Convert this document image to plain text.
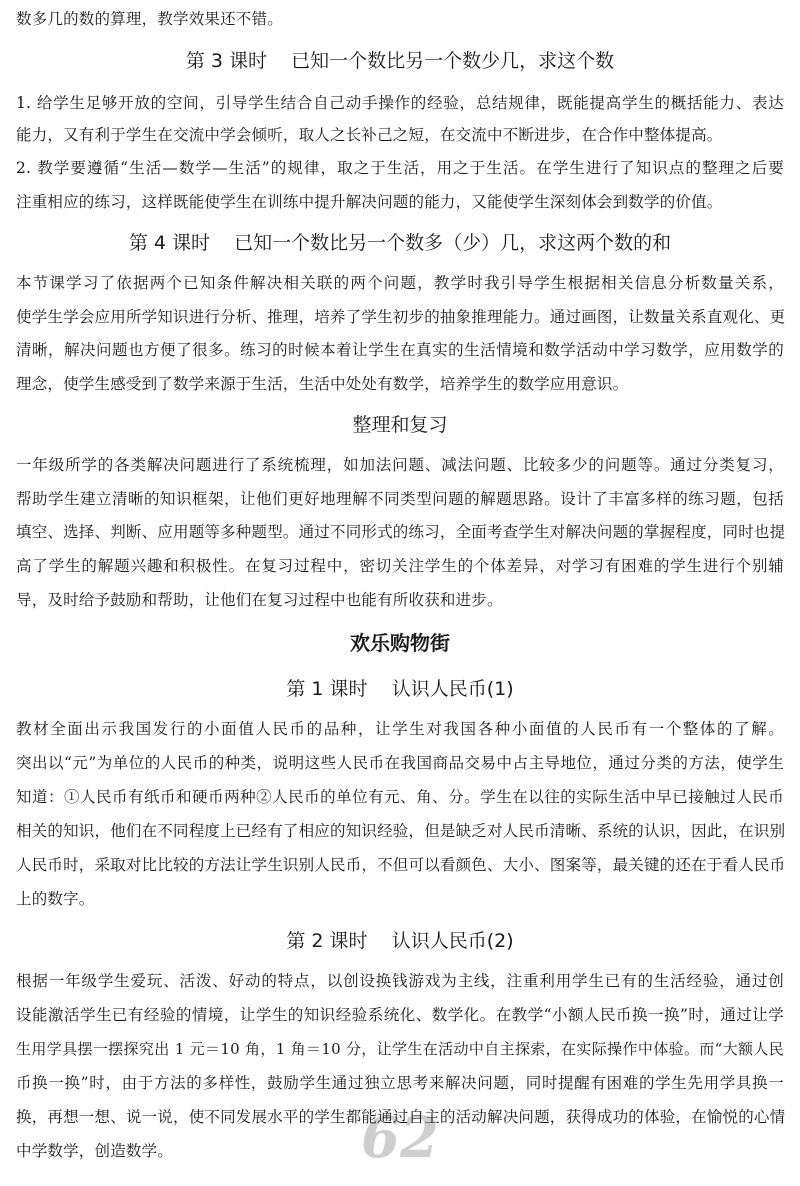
数多几的数的算理，教学效果还不错。
第 3 课时    已知一个数比另一个数少几，求这个数
1. 给学生足够开放的空间，引导学生结合自己动手操作的经验，总结规律，既能提高学生的概括能力、表达
能力，又有利于学生在交流中学会倾听，取人之长补己之短，在交流中不断进步，在合作中整体提高。
2. 教学要遵循“生活—数学—生活”的规律，取之于生活，用之于生活。在学生进行了知识点的整理之后要
注重相应的练习，这样既能使学生在训练中提升解决问题的能力，又能使学生深刻体会到数学的价值。
第 4 课时    已知一个数比另一个数多（少）几，求这两个数的和
本节课学习了依据两个已知条件解决相关联的两个问题，教学时我引导学生根据相关信息分析数量关系，
使学生学会应用所学知识进行分析、推理，培养了学生初步的抽象推理能力。通过画图，让数量关系直观化、更
清晰，解决问题也方便了很多。练习的时候本着让学生在真实的生活情境和数学活动中学习数学，应用数学的
理念，使学生感受到了数学来源于生活，生活中处处有数学，培养学生的数学应用意识。
整理和复习
一年级所学的各类解决问题进行了系统梳理，如加法问题、减法问题、比较多少的问题等。通过分类复习，
帮助学生建立清晰的知识框架，让他们更好地理解不同类型问题的解题思路。设计了丰富多样的练习题，包括
填空、选择、判断、应用题等多种题型。通过不同形式的练习，全面考查学生对解决问题的掌握程度，同时也提
高了学生的解题兴趣和积极性。在复习过程中，密切关注学生的个体差异，对学习有困难的学生进行个别辅
导，及时给予鼓励和帮助，让他们在复习过程中也能有所收获和进步。
欢乐购物街
第 1 课时    认识人民币(1)
教材全面出示我国发行的小面值人民币的品种，让学生对我国各种小面值的人民币有一个整体的了解。
突出以“元”为单位的人民币的种类，说明这些人民币在我国商品交易中占主导地位，通过分类的方法，使学生
知道：①人民币有纸币和硬币两种②人民币的单位有元、角、分。学生在以往的实际生活中早已接触过人民币
相关的知识，他们在不同程度上已经有了相应的知识经验，但是缺乏对人民币清晰、系统的认识，因此，在识别
人民币时，采取对比比较的方法让学生识别人民币，不但可以看颜色、大小、图案等，最关键的还在于看人民币
上的数字。
第 2 课时    认识人民币(2)
根据一年级学生爱玩、活泼、好动的特点，以创设换钱游戏为主线，注重利用学生已有的生活经验，通过创
设能激活学生已有经验的情境，让学生的知识经验系统化、数学化。在教学“小额人民币换一换”时，通过让学
生用学具摆一摆探究出 1 元＝10 角，1 角＝10 分，让学生在活动中自主探索，在实际操作中体验。而“大额人民
币换一换”时，由于方法的多样性，鼓励学生通过独立思考来解决问题，同时提醒有困难的学生先用学具换一
62
换，再想一想、说一说，使不同发展水平的学生都能通过自主的活动解决问题，获得成功的体验，在愉悦的心情
中学数学，创造数学。
